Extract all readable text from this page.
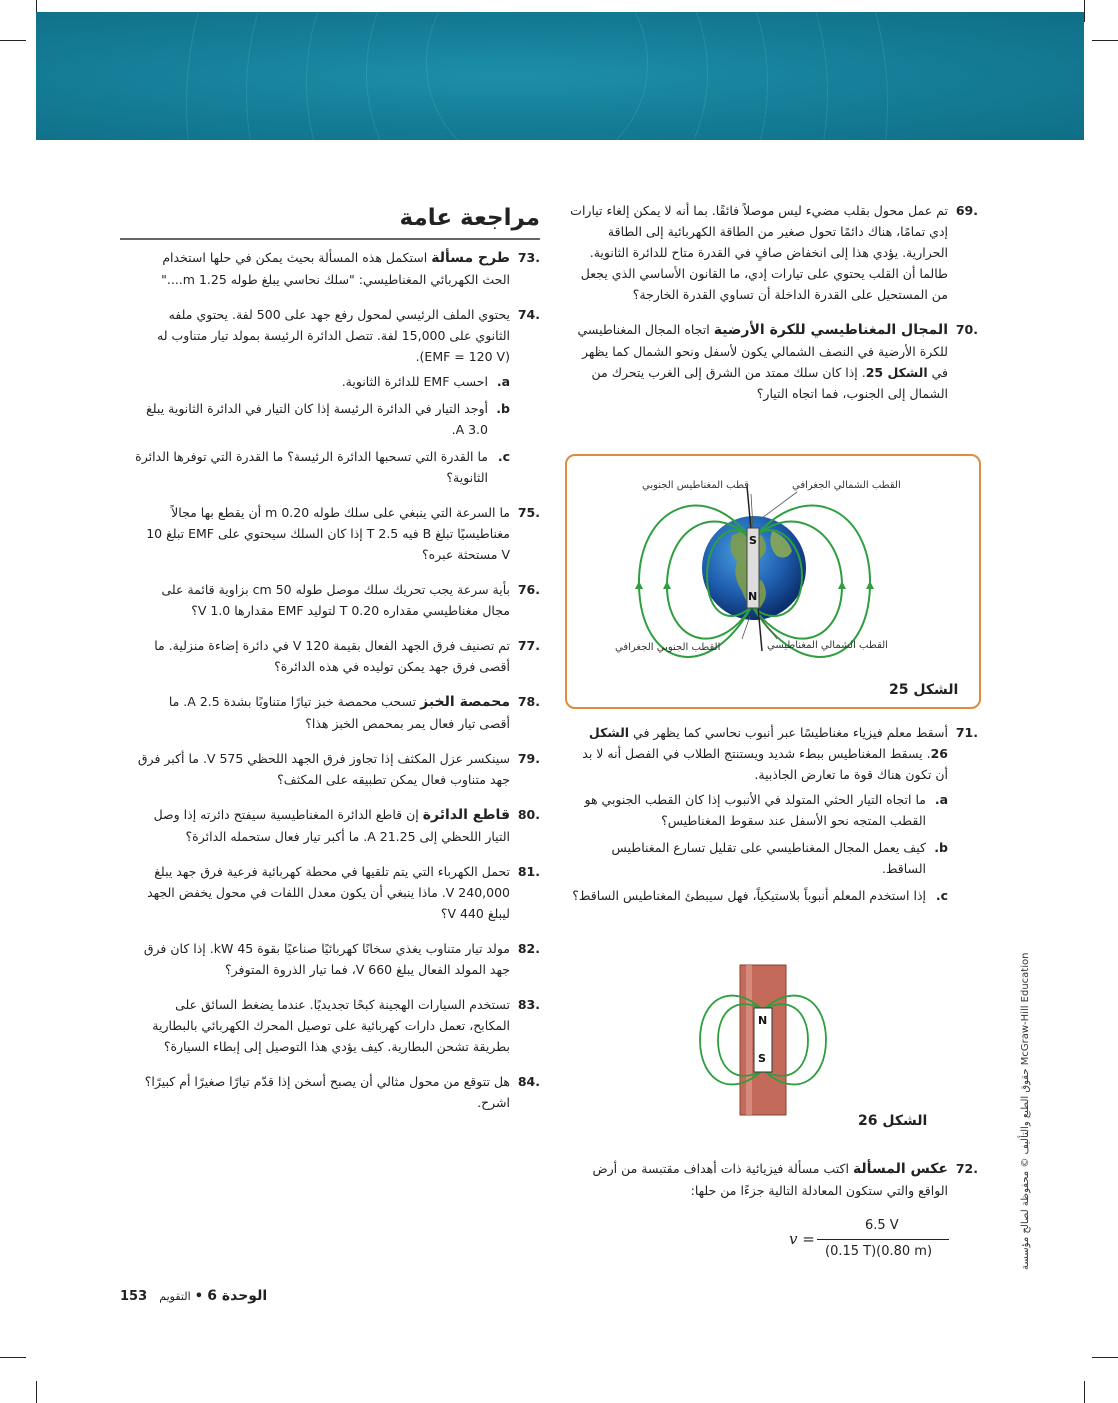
69.
تم عمل محول بقلب مضيء ليس موصلاً فائقًا. بما أنه لا يمكن إلغاء تيارات إدي تمامًا، هناك دائمًا تحول صغير من الطاقة الكهربائية إلى الطاقة الحرارية. يؤدي هذا إلى انخفاض صافٍ في القدرة متاح للدائرة الثانوية. طالما أن القلب يحتوي على تيارات إدي، ما القانون الأساسي الذي يجعل من المستحيل على القدرة الداخلة أن تساوي القدرة الخارجة؟
70.
المجال المغناطيسي للكرة الأرضية اتجاه المجال المغناطيسي للكرة الأرضية في النصف الشمالي يكون لأسفل ونحو الشمال كما يظهر في الشكل 25. إذا كان سلك ممتد من الشرق إلى الغرب يتحرك من الشمال إلى الجنوب، فما اتجاه التيار؟
S
N
قطب المغناطيس الجنوبي	القطب الشمالي الجغرافي
القطب الجنوبي الجغرافي	القطب الشمالي المغناطيسي
الشكل 25
71.
أسقط معلم فيزياء مغناطيسًا عبر أنبوب نحاسي كما يظهر في الشكل 26. يسقط المغناطيس ببطء شديد ويستنتج الطلاب في الفصل أنه لا بد أن تكون هناك قوة ما تعارض الجاذبية.
a.
ما اتجاه التيار الحثي المتولد في الأنبوب إذا كان القطب الجنوبي هو القطب المتجه نحو الأسفل عند سقوط المغناطيس؟
b.
كيف يعمل المجال المغناطيسي على تقليل تسارع المغناطيس الساقط.
c.
إذا استخدم المعلم أنبوباً بلاستيكياً، فهل سيبطئ المغناطيس الساقط؟
N
S
الشكل 26
72.
عكس المسألة اكتب مسألة فيزيائية ذات أهداف مقتبسة من أرض الواقع والتي ستكون المعادلة التالية جزءًا من حلها:
v =
6.5 V
(0.15 T)(0.80 m)
مراجعة عامة
73.
طرح مسألة استكمل هذه المسألة بحيث يمكن في حلها استخدام الحث الكهربائي المغناطيسي: "سلك نحاسي يبلغ طوله 1.25 m...."
74.
يحتوي الملف الرئيسي لمحول رفع جهد على 500 لفة. يحتوي ملفه الثانوي على 15,000 لفة. تتصل الدائرة الرئيسة بمولد تيار متناوب له (EMF = 120 V).
a.
احسب EMF للدائرة الثانوية.
b.
أوجد التيار في الدائرة الرئيسة إذا كان التيار في الدائرة الثانوية يبلغ 3.0 A.
c.
ما القدرة التي تسحبها الدائرة الرئيسة؟ ما القدرة التي توفرها الدائرة الثانوية؟
75.
ما السرعة التي ينبغي على سلك طوله 0.20 m أن يقطع بها مجالاً مغناطيسيًا تبلغ B فيه 2.5 T إذا كان السلك سيحتوي على EMF تبلغ 10 V مستحثة عبره؟
76.
بأية سرعة يجب تحريك سلك موصل طوله 50 cm بزاوية قائمة على مجال مغناطيسي مقداره 0.20 T لتوليد EMF مقدارها 1.0 V؟
77.
تم تصنيف فرق الجهد الفعال بقيمة 120 V في دائرة إضاءة منزلية. ما أقصى فرق جهد يمكن توليده في هذه الدائرة؟
78.
محمصة الخبز تسحب محمصة خبز تيارًا متناوبًا بشدة 2.5 A. ما أقصى تيار فعال يمر بمحمص الخبز هذا؟
79.
سينكسر عزل المكثف إذا تجاوز فرق الجهد اللحظي 575 V. ما أكبر فرق جهد متناوب فعال يمكن تطبيقه على المكثف؟
80.
قاطع الدائرة إن قاطع الدائرة المغناطيسية سيفتح دائرته إذا وصل التيار اللحظي إلى 21.25 A. ما أكبر تيار فعال ستحمله الدائرة؟
81.
تحمل الكهرباء التي يتم تلقيها في محطة كهربائية فرعية فرق جهد يبلغ 240,000 V. ماذا ينبغي أن يكون معدل اللفات في محول يخفض الجهد ليبلغ 440 V؟
82.
مولد تيار متناوب يغذي سخانًا كهربائيًا صناعيًا بقوة 45 kW. إذا كان فرق جهد المولد الفعال يبلغ 660 V، فما تيار الذروة المتوفر؟
83.
تستخدم السيارات الهجينة كبحًا تجديديًا. عندما يضغط السائق على المكابح، تعمل دارات كهربائية على توصيل المحرك الكهربائي بالبطارية بطريقة تشحن البطارية. كيف يؤدي هذا التوصيل إلى إبطاء السيارة؟
84.
هل تتوقع من محول مثالي أن يصبح أسخن إذا قدّم تيارًا صغيرًا أم كبيرًا؟ اشرح.	حقوق الطبع والتأليف © محفوظة لصالح مؤسسة McGraw-Hill Education
الوحدة 6 • التقويم 153
